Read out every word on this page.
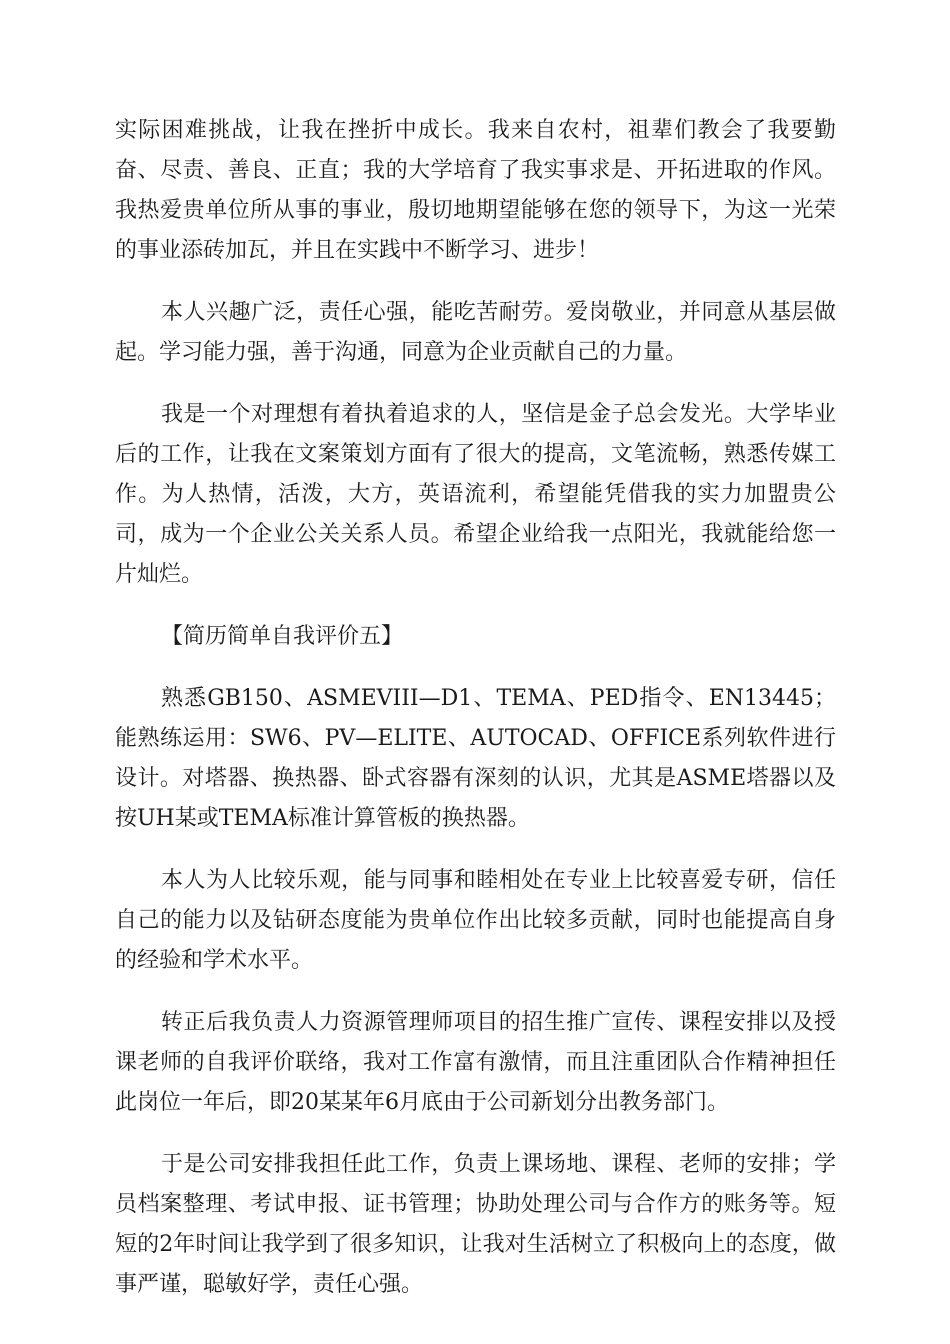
实际困难挑战，让我在挫折中成长。我来自农村，祖辈们教会了我要勤奋、尽责、善良、正直；我的大学培育了我实事求是、开拓进取的作风。我热爱贵单位所从事的事业，殷切地期望能够在您的领导下，为这一光荣的事业添砖加瓦，并且在实践中不断学习、进步！

本人兴趣广泛，责任心强，能吃苦耐劳。爱岗敬业，并同意从基层做起。学习能力强，善于沟通，同意为企业贡献自己的力量。

我是一个对理想有着执着追求的人，坚信是金子总会发光。大学毕业后的工作，让我在文案策划方面有了很大的提高，文笔流畅，熟悉传媒工作。为人热情，活泼，大方，英语流利，希望能凭借我的实力加盟贵公司，成为一个企业公关关系人员。希望企业给我一点阳光，我就能给您一片灿烂。

【简历简单自我评价五】

熟悉GB150、ASMEVIII—D1、TEMA、PED指令、EN13445；能熟练运用：SW6、PV—ELITE、AUTOCAD、OFFICE系列软件进行设计。对塔器、换热器、卧式容器有深刻的认识，尤其是ASME塔器以及按UH某或TEMA标准计算管板的换热器。

本人为人比较乐观，能与同事和睦相处在专业上比较喜爱专研，信任自己的能力以及钻研态度能为贵单位作出比较多贡献，同时也能提高自身的经验和学术水平。

转正后我负责人力资源管理师项目的招生推广宣传、课程安排以及授课老师的自我评价联络，我对工作富有激情，而且注重团队合作精神担任此岗位一年后，即20某某年6月底由于公司新划分出教务部门。

于是公司安排我担任此工作，负责上课场地、课程、老师的安排；学员档案整理、考试申报、证书管理；协助处理公司与合作方的账务等。短短的2年时间让我学到了很多知识，让我对生活树立了积极向上的态度，做事严谨，聪敏好学，责任心强。
